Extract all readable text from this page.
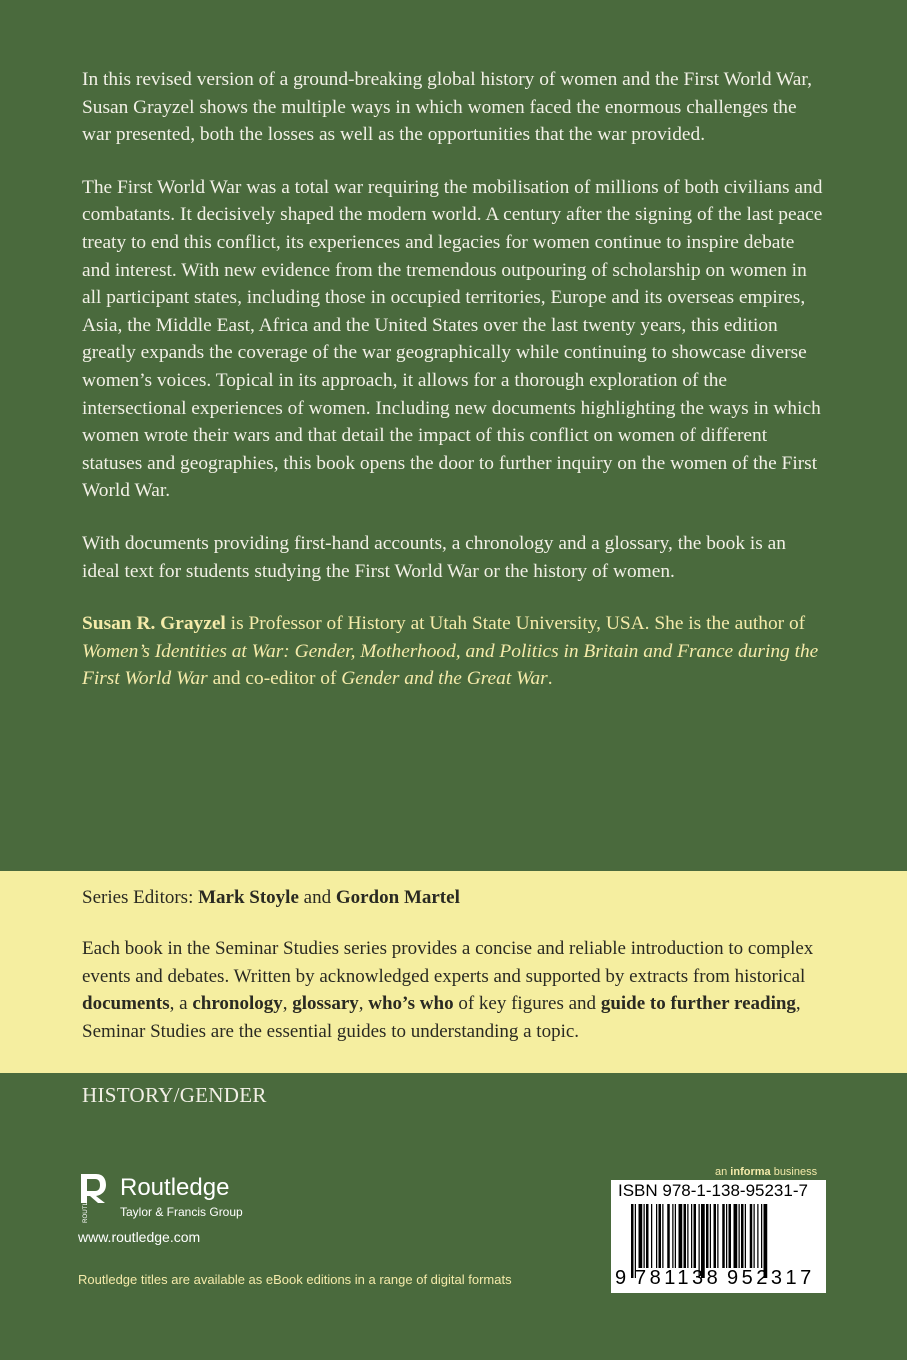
In this revised version of a ground-breaking global history of women and the First World War, Susan Grayzel shows the multiple ways in which women faced the enormous challenges the war presented, both the losses as well as the opportunities that the war provided.

The First World War was a total war requiring the mobilisation of millions of both civilians and combatants. It decisively shaped the modern world. A century after the signing of the last peace treaty to end this conflict, its experiences and legacies for women continue to inspire debate and interest. With new evidence from the tremendous outpouring of scholarship on women in all participant states, including those in occupied territories, Europe and its overseas empires, Asia, the Middle East, Africa and the United States over the last twenty years, this edition greatly expands the coverage of the war geographically while continuing to showcase diverse women’s voices. Topical in its approach, it allows for a thorough exploration of the intersectional experiences of women. Including new documents highlighting the ways in which women wrote their wars and that detail the impact of this conflict on women of different statuses and geographies, this book opens the door to further inquiry on the women of the First World War.

With documents providing first-hand accounts, a chronology and a glossary, the book is an ideal text for students studying the First World War or the history of women.

Susan R. Grayzel is Professor of History at Utah State University, USA. She is the author of Women’s Identities at War: Gender, Motherhood, and Politics in Britain and France during the First World War and co-editor of Gender and the Great War.

Series Editors: Mark Stoyle and Gordon Martel
Each book in the Seminar Studies series provides a concise and reliable introduction to complex events and debates. Written by acknowledged experts and supported by extracts from historical documents, a chronology, glossary, who’s who of key figures and guide to further reading, Seminar Studies are the essential guides to understanding a topic.
HISTORY/GENDER
ROUTLEDGE Routledge
Taylor & Francis Group
www.routledge.com
Routledge titles are available as eBook editions in a range of digital formats
an informa business
ISBN 978-1-138-95231-7
9 781138 952317
